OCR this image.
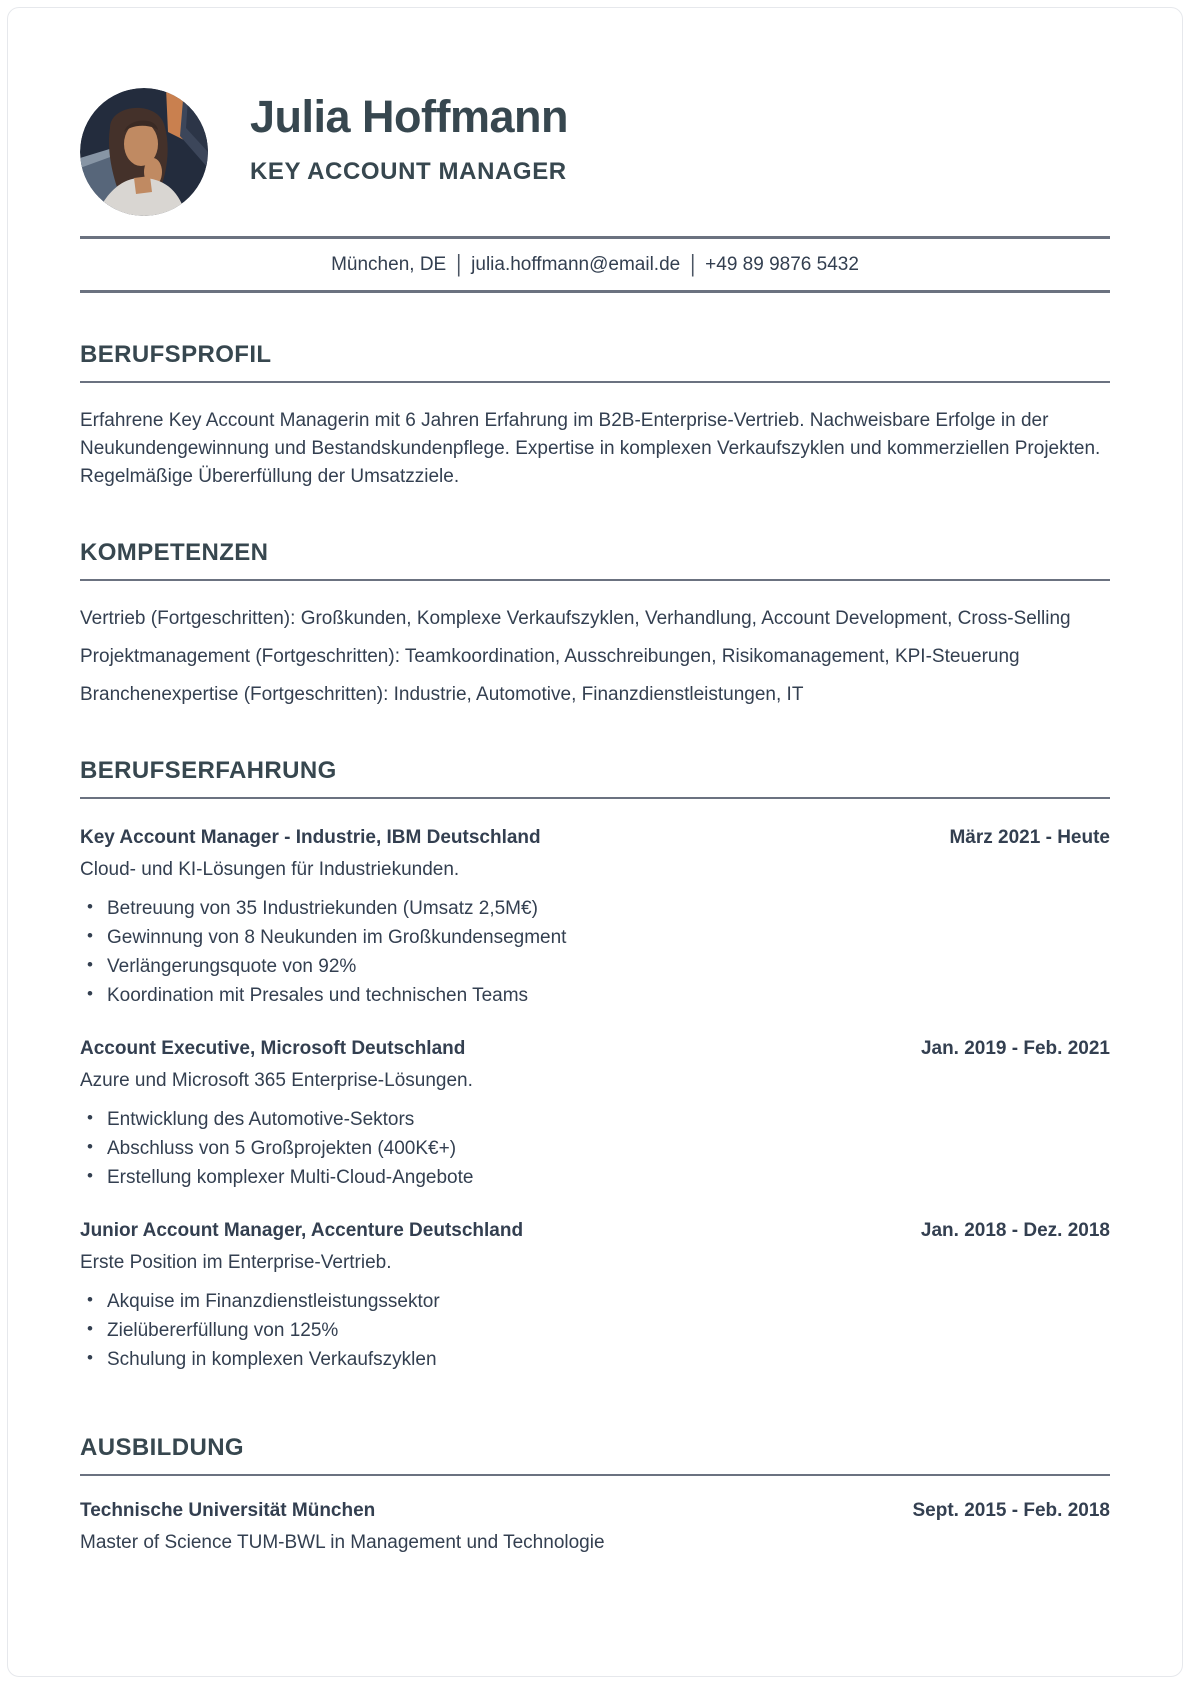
Julia Hoffmann
KEY ACCOUNT MANAGER
München, DE | julia.hoffmann@email.de | +49 89 9876 5432
BERUFSPROFIL
Erfahrene Key Account Managerin mit 6 Jahren Erfahrung im B2B-Enterprise-Vertrieb. Nachweisbare Erfolge in der Neukundengewinnung und Bestandskundenpflege. Expertise in komplexen Verkaufszyklen und kommerziellen Projekten. Regelmäßige Übererfüllung der Umsatzziele.
KOMPETENZEN

Vertrieb (Fortgeschritten): Großkunden, Komplexe Verkaufszyklen, Verhandlung, Account Development, Cross-Selling

Projektmanagement (Fortgeschritten): Teamkoordination, Ausschreibungen, Risikomanagement, KPI-Steuerung

Branchenexpertise (Fortgeschritten): Industrie, Automotive, Finanzdienstleistungen, IT

BERUFSERFAHRUNG
Key Account Manager - Industrie, IBM Deutschland	März 2021 - Heute
Cloud- und KI-Lösungen für Industriekunden.
• Betreuung von 35 Industriekunden (Umsatz 2,5M€)
• Gewinnung von 8 Neukunden im Großkundensegment
• Verlängerungsquote von 92%
• Koordination mit Presales und technischen Teams
Account Executive, Microsoft Deutschland	Jan. 2019 - Feb. 2021
Azure und Microsoft 365 Enterprise-Lösungen.
• Entwicklung des Automotive-Sektors
• Abschluss von 5 Großprojekten (400K€+)
• Erstellung komplexer Multi-Cloud-Angebote
Junior Account Manager, Accenture Deutschland	Jan. 2018 - Dez. 2018
Erste Position im Enterprise-Vertrieb.
• Akquise im Finanzdienstleistungssektor
• Zielübererfüllung von 125%
• Schulung in komplexen Verkaufszyklen
AUSBILDUNG
Technische Universität München	Sept. 2015 - Feb. 2018
Master of Science TUM-BWL in Management und Technologie
